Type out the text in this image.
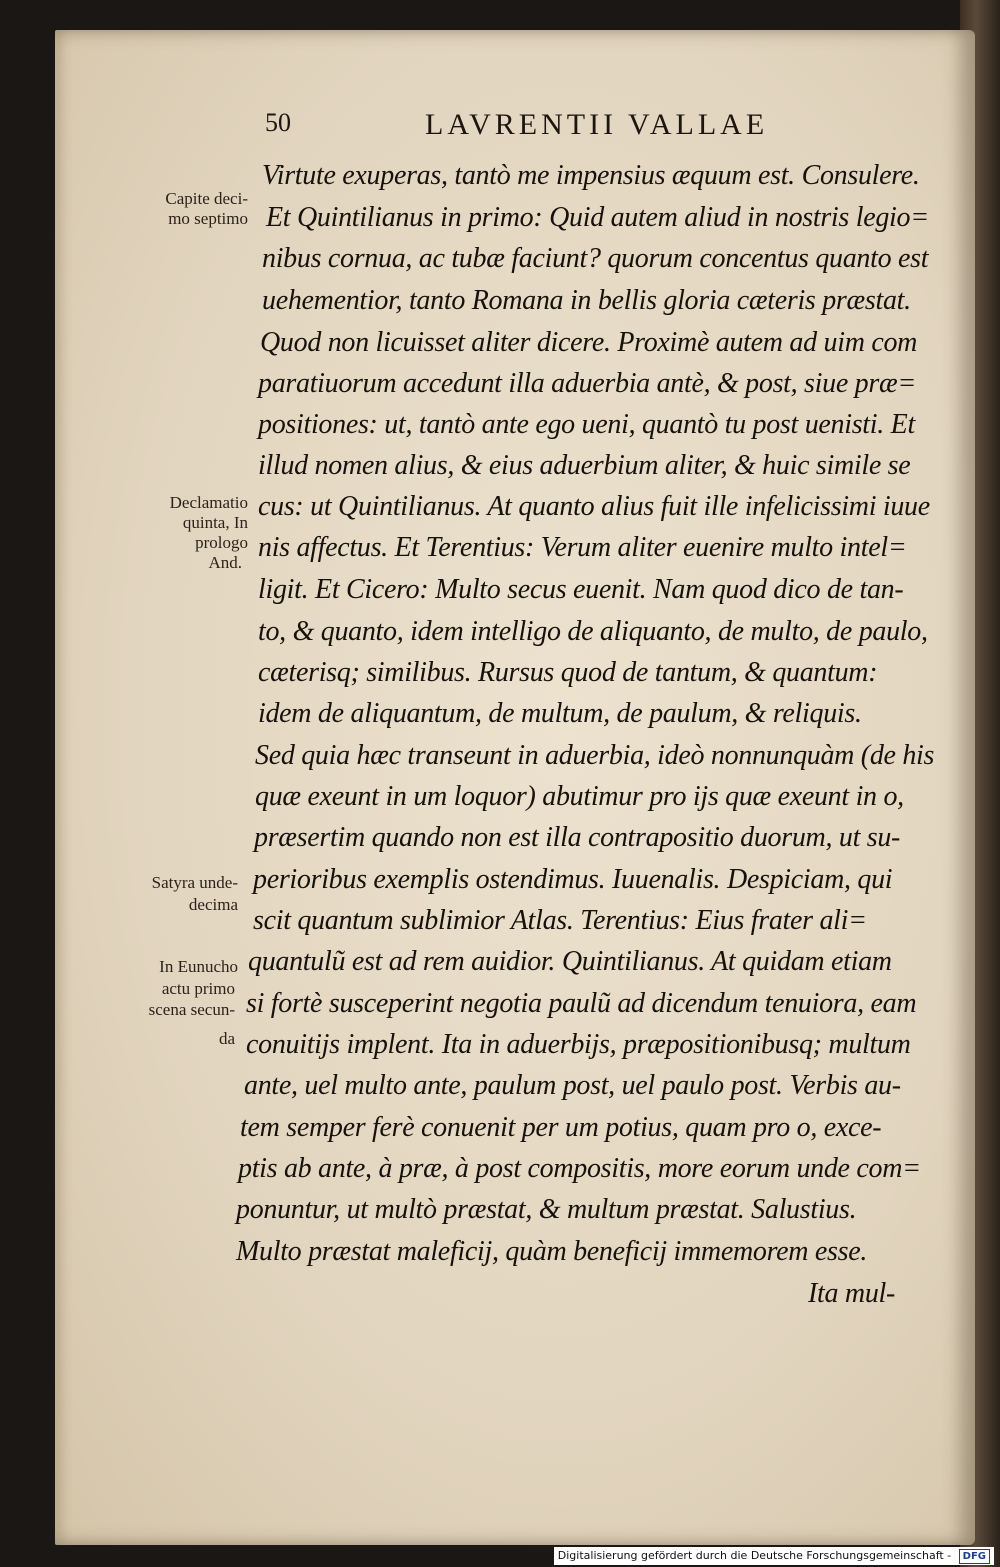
50	LAVRENTII VALLAE

Virtute exuperas, tantò me impensius æquum est. Consulere.

Et Quintilianus in primo: Quid autem aliud in nostris legio=

nibus cornua, ac tubæ faciunt? quorum concentus quanto est

uehementior, tanto Romana in bellis gloria cæteris præstat.

Quod non licuisset aliter dicere. Proximè autem ad uim com

paratiuorum accedunt illa aduerbia antè, & post, siue præ=

positiones: ut, tantò ante ego ueni, quantò tu post uenisti. Et

illud nomen alius, & eius aduerbium aliter, & huic simile se

cus: ut Quintilianus. At quanto alius fuit ille infelicissimi iuue

nis affectus. Et Terentius: Verum aliter euenire multo intel=

ligit. Et Cicero: Multo secus euenit. Nam quod dico de tan-

to, & quanto, idem intelligo de aliquanto, de multo, de paulo,

cæterisq; similibus. Rursus quod de tantum, & quantum:

idem de aliquantum, de multum, de paulum, & reliquis.

Sed quia hæc transeunt in aduerbia, ideò nonnunquàm (de his

quæ exeunt in um loquor) abutimur pro ijs quæ exeunt in o,

præsertim quando non est illa contrapositio duorum, ut su-

perioribus exemplis ostendimus. Iuuenalis. Despiciam, qui

scit quantum sublimior Atlas. Terentius: Eius frater ali=

quantulũ est ad rem auidior. Quintilianus. At quidam etiam

si fortè susceperint negotia paulũ ad dicendum tenuiora, eam

conuitijs implent. Ita in aduerbijs, præpositionibusq; multum

ante, uel multo ante, paulum post, uel paulo post. Verbis au-

tem semper ferè conuenit per um potius, quam pro o, exce-

ptis ab ante, à præ, à post compositis, more eorum unde com=

ponuntur, ut multò præstat, & multum præstat. Salustius.

Multo præstat maleficij, quàm beneficij immemorem esse.

Ita mul-

Capite deci-

mo septimo

Declamatio

quinta, In

prologo

And.

Satyra unde-

decima

In Eunucho

actu primo

scena secun-

da

Digitalisierung gefördert durch die Deutsche Forschungsgemeinschaft - DFG
